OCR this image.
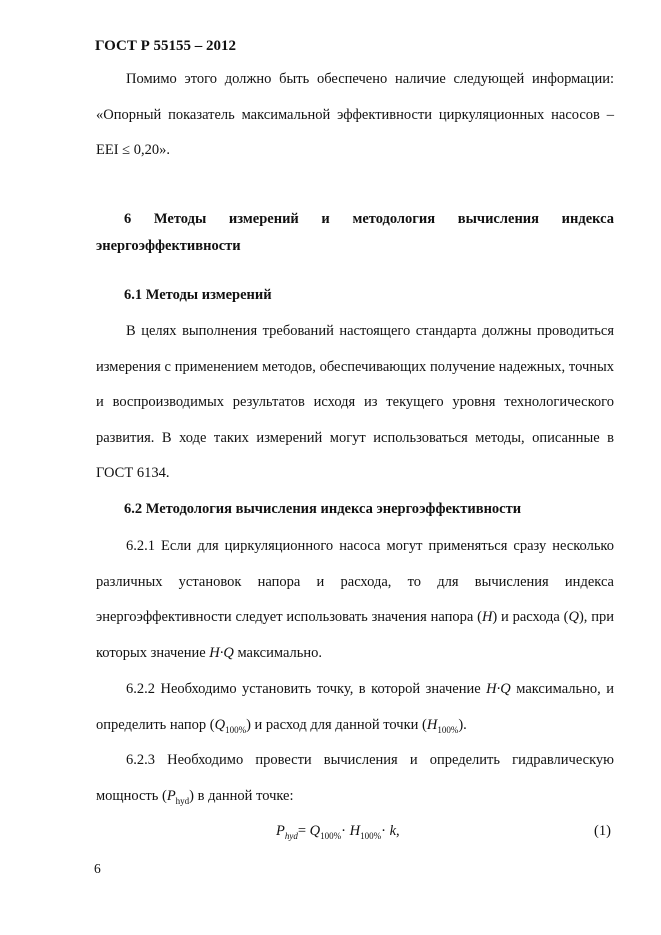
ГОСТ Р 55155 – 2012

Помимо этого должно быть обеспечено наличие следующей информации: «Опорный показатель максимальной эффективности циркуляционных насосов – EEI ≤ 0,20».

6 Методы измерений и методология вычисления индекса энергоэффективности
6.1 Методы измерений

В целях выполнения требований настоящего стандарта должны проводиться измерения с применением методов, обеспечивающих получение надежных, точных и воспроизводимых результатов исходя из текущего уровня технологического развития. В ходе таких измерений могут использоваться методы, описанные в ГОСТ 6134.

6.2 Методология вычисления индекса энергоэффективности

6.2.1 Если для циркуляционного насоса могут применяться сразу несколько различных установок напора и расхода, то для вычисления индекса энергоэффективности следует использовать значения напора (H) и расхода (Q), при которых значение H·Q максимально.

6.2.2 Необходимо установить точку, в которой значение H·Q максимально, и определить напор $(Q_{100\%})$ и расход для данной точки $(H_{100\%})$.

6.2.3 Необходимо провести вычисления и определить гидравлическую мощность $(P_{hyd})$ в данной точке:

$P_{hyd}= Q_{100\%}\cdot H_{100\%}\cdot k$,	(1)
6
